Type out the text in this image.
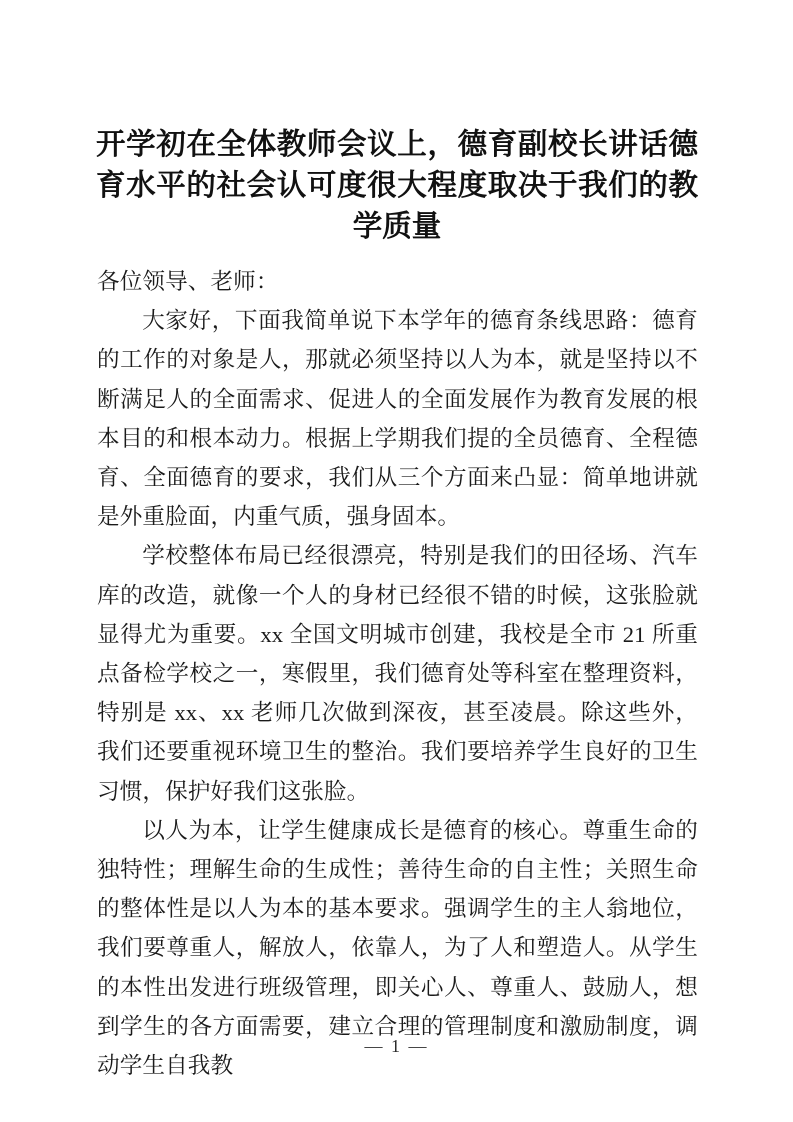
开学初在全体教师会议上，德育副校长讲话德育水平的社会认可度很大程度取决于我们的教学质量

各位领导、老师：

大家好，下面我简单说下本学年的德育条线思路：德育的工作的对象是人，那就必须坚持以人为本，就是坚持以不断满足人的全面需求、促进人的全面发展作为教育发展的根本目的和根本动力。根据上学期我们提的全员德育、全程德育、全面德育的要求，我们从三个方面来凸显：简单地讲就是外重脸面，内重气质，强身固本。

学校整体布局已经很漂亮，特别是我们的田径场、汽车库的改造，就像一个人的身材已经很不错的时候，这张脸就显得尤为重要。xx 全国文明城市创建，我校是全市 21 所重点备检学校之一，寒假里，我们德育处等科室在整理资料，特别是 xx、xx 老师几次做到深夜，甚至凌晨。除这些外，我们还要重视环境卫生的整治。我们要培养学生良好的卫生习惯，保护好我们这张脸。

以人为本，让学生健康成长是德育的核心。尊重生命的独特性；理解生命的生成性；善待生命的自主性；关照生命的整体性是以人为本的基本要求。强调学生的主人翁地位，我们要尊重人，解放人，依靠人，为了人和塑造人。从学生的本性出发进行班级管理，即关心人、尊重人、鼓励人，想到学生的各方面需要，建立合理的管理制度和激励制度，调动学生自我教

— 1 —
